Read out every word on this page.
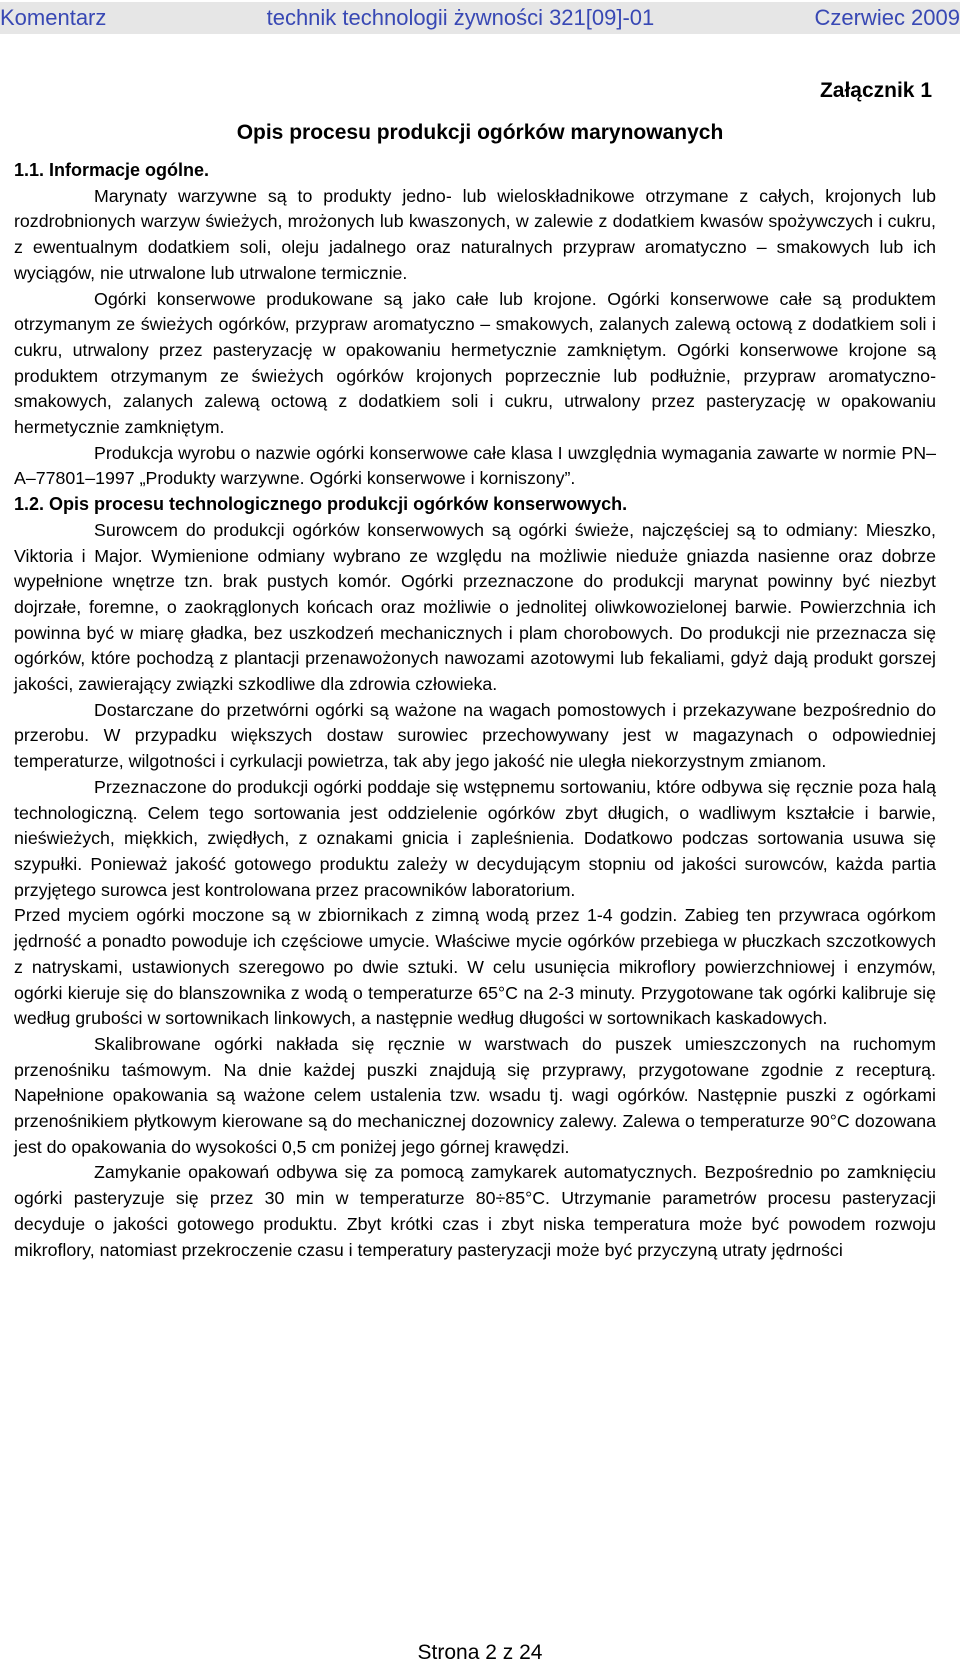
Komentarz	technik technologii żywności 321[09]-01	Czerwiec 2009
Załącznik 1
Opis procesu produkcji ogórków marynowanych
1.1. Informacje ogólne.

Marynaty warzywne są to produkty jedno- lub wieloskładnikowe otrzymane z całych, krojonych lub rozdrobnionych warzyw świeżych, mrożonych lub kwaszonych, w zalewie z dodatkiem kwasów spożywczych i cukru, z ewentualnym dodatkiem soli, oleju jadalnego oraz naturalnych przypraw aromatyczno – smakowych lub ich wyciągów, nie utrwalone lub utrwalone termicznie.

Ogórki konserwowe produkowane są jako całe lub krojone. Ogórki konserwowe całe są produktem otrzymanym ze świeżych ogórków, przypraw aromatyczno – smakowych, zalanych zalewą octową z dodatkiem soli i cukru, utrwalony przez pasteryzację w opakowaniu hermetycznie zamkniętym. Ogórki konserwowe krojone są produktem otrzymanym ze świeżych ogórków krojonych poprzecznie lub podłużnie, przypraw aromatyczno-smakowych, zalanych zalewą octową z dodatkiem soli i cukru, utrwalony przez pasteryzację w opakowaniu hermetycznie zamkniętym.

Produkcja wyrobu o nazwie ogórki konserwowe całe klasa I uwzględnia wymagania zawarte w normie PN–A–77801–1997 „Produkty warzywne. Ogórki konserwowe i korniszony”.

1.2. Opis procesu technologicznego produkcji ogórków konserwowych.

Surowcem do produkcji ogórków konserwowych są ogórki świeże, najczęściej są to odmiany: Mieszko, Viktoria i Major. Wymienione odmiany wybrano ze względu na możliwie nieduże gniazda nasienne oraz dobrze wypełnione wnętrze tzn. brak pustych komór. Ogórki przeznaczone do produkcji marynat powinny być niezbyt dojrzałe, foremne, o zaokrąglonych końcach oraz możliwie o jednolitej oliwkowozielonej barwie. Powierzchnia ich powinna być w miarę gładka, bez uszkodzeń mechanicznych i plam chorobowych. Do produkcji nie przeznacza się ogórków, które pochodzą z plantacji przenawożonych nawozami azotowymi lub fekaliami, gdyż dają produkt gorszej jakości, zawierający związki szkodliwe dla zdrowia człowieka.

Dostarczane do przetwórni ogórki są ważone na wagach pomostowych i przekazywane bezpośrednio do przerobu. W przypadku większych dostaw surowiec przechowywany jest w magazynach o odpowiedniej temperaturze, wilgotności i cyrkulacji powietrza, tak aby jego jakość nie uległa niekorzystnym zmianom.

Przeznaczone do produkcji ogórki poddaje się wstępnemu sortowaniu, które odbywa się ręcznie poza halą technologiczną. Celem tego sortowania jest oddzielenie ogórków zbyt długich, o wadliwym kształcie i barwie, nieświeżych, miękkich, zwiędłych, z oznakami gnicia i zapleśnienia. Dodatkowo podczas sortowania usuwa się szypułki. Ponieważ jakość gotowego produktu zależy w decydującym stopniu od jakości surowców, każda partia przyjętego surowca jest kontrolowana przez pracowników laboratorium.

Przed myciem ogórki moczone są w zbiornikach z zimną wodą przez 1-4 godzin. Zabieg ten przywraca ogórkom jędrność a ponadto powoduje ich częściowe umycie. Właściwe mycie ogórków przebiega w płuczkach szczotkowych z natryskami, ustawionych szeregowo po dwie sztuki. W celu usunięcia mikroflory powierzchniowej i enzymów, ogórki kieruje się do blanszownika z wodą o temperaturze 65°C na 2-3 minuty. Przygotowane tak ogórki kalibruje się według grubości w sortownikach linkowych, a następnie według długości w sortownikach kaskadowych.

Skalibrowane ogórki nakłada się ręcznie w warstwach do puszek umieszczonych na ruchomym przenośniku taśmowym. Na dnie każdej puszki znajdują się przyprawy, przygotowane zgodnie z recepturą. Napełnione opakowania są ważone celem ustalenia tzw. wsadu tj. wagi ogórków. Następnie puszki z ogórkami przenośnikiem płytkowym kierowane są do mechanicznej dozownicy zalewy. Zalewa o temperaturze 90°C dozowana jest do opakowania do wysokości 0,5 cm poniżej jego górnej krawędzi.

Zamykanie opakowań odbywa się za pomocą zamykarek automatycznych. Bezpośrednio po zamknięciu ogórki pasteryzuje się przez 30 min w temperaturze 80÷85°C. Utrzymanie parametrów procesu pasteryzacji decyduje o jakości gotowego produktu. Zbyt krótki czas i zbyt niska temperatura może być powodem rozwoju mikroflory, natomiast przekroczenie czasu i temperatury pasteryzacji może być przyczyną utraty jędrności

Strona 2 z 24
